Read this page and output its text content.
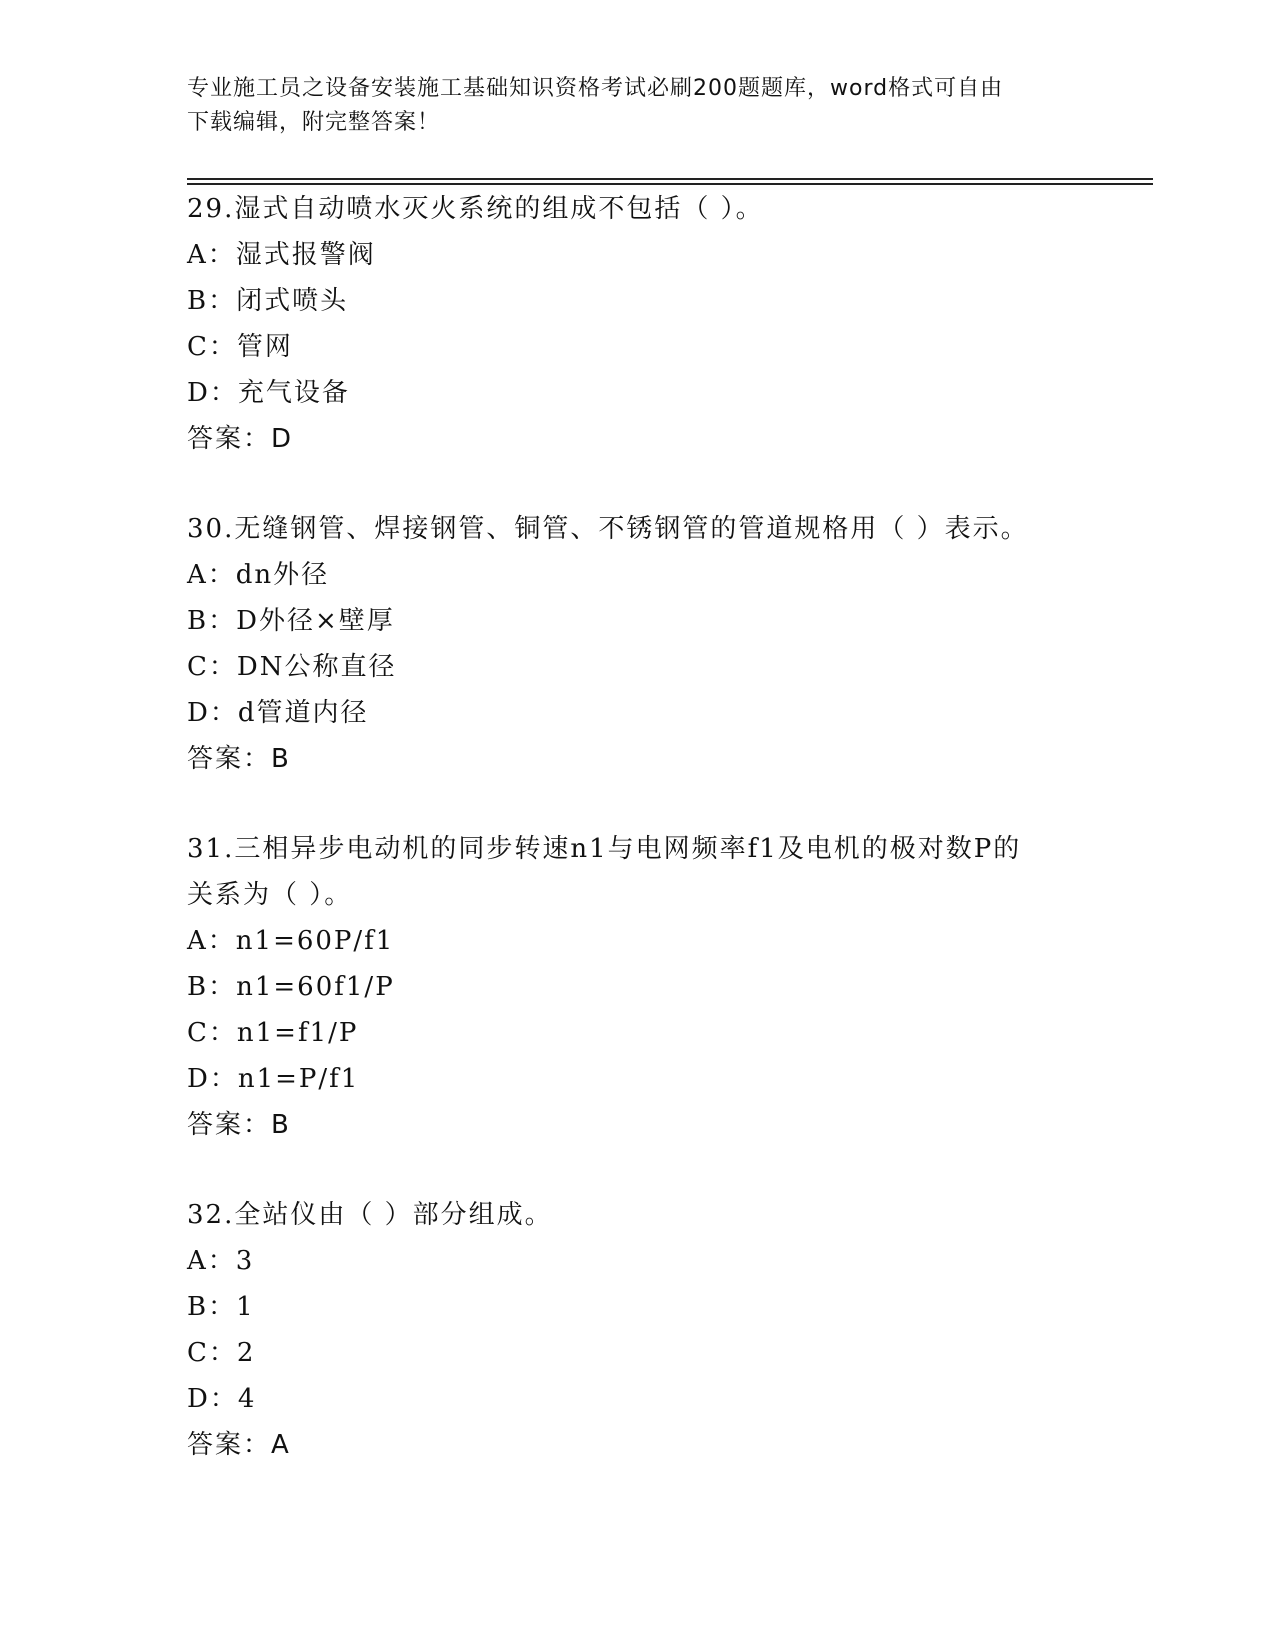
专业施工员之设备安装施工基础知识资格考试必刷200题题库，word格式可自由
下载编辑，附完整答案！
29.湿式自动喷水灭火系统的组成不包括（ ）。
A：湿式报警阀
B：闭式喷头
C：管网
D：充气设备
答案：D
30.无缝钢管、焊接钢管、铜管、不锈钢管的管道规格用（ ）表示。
A：dn外径
B：D外径×壁厚
C：DN公称直径
D：d管道内径
答案：B
31.三相异步电动机的同步转速n1与电网频率f1及电机的极对数P的
关系为（ ）。
A：n1=60P/f1
B：n1=60f1/P
C：n1=f1/P
D：n1=P/f1
答案：B
32.全站仪由（ ）部分组成。
A：3
B：1
C：2
D：4
答案：A
